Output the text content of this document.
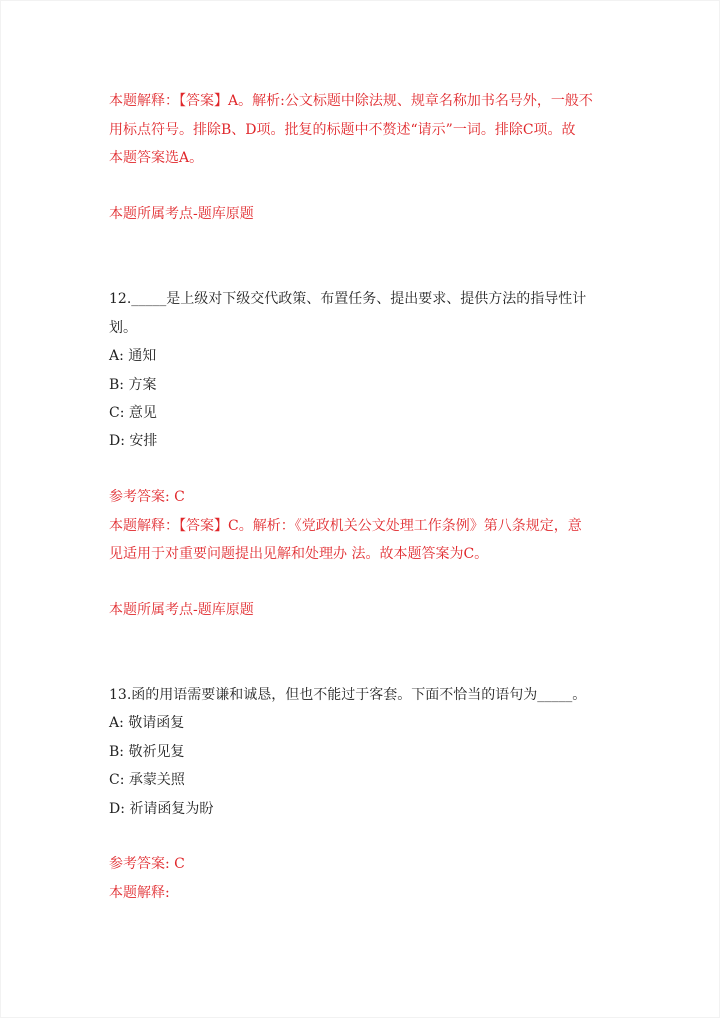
本题解释：【答案】A。解析:公文标题中除法规、规章名称加书名号外，一般不
用标点符号。排除B、D项。批复的标题中不赘述“请示”一词。排除C项。故
本题答案选A。
本题所属考点-题库原题
12._____是上级对下级交代政策、布置任务、提出要求、提供方法的指导性计
划。
A: 通知
B: 方案
C: 意见
D: 安排
参考答案: C
本题解释：【答案】C。解析：《党政机关公文处理工作条例》第八条规定，意
见适用于对重要问题提出见解和处理办 法。故本题答案为C。
本题所属考点-题库原题
13.函的用语需要谦和诚恳，但也不能过于客套。下面不恰当的语句为_____。
A: 敬请函复
B: 敬祈见复
C: 承蒙关照
D: 祈请函复为盼
参考答案: C
本题解释:
